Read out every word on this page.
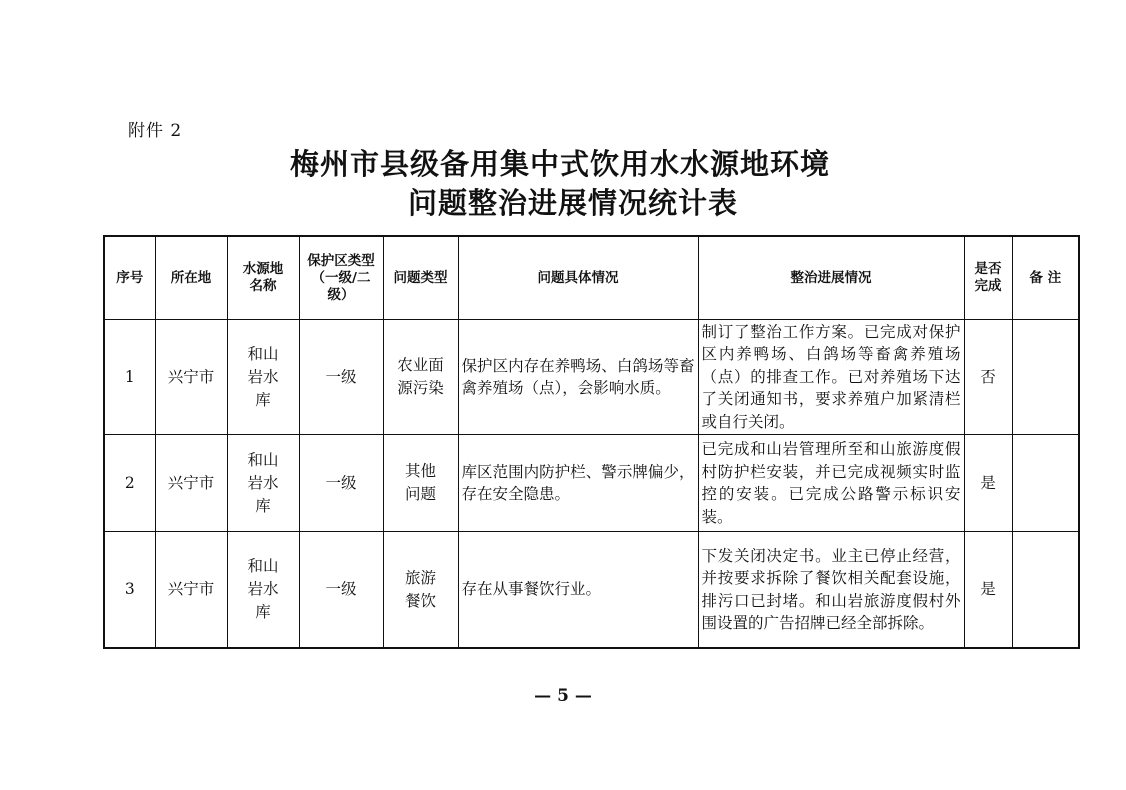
附件 2
梅州市县级备用集中式饮用水水源地环境
问题整治进展情况统计表
序号	所在地	水源地名称	保护区类型（一级/二级）	问题类型	问题具体情况	整治进展情况	是否完成	备 注
1	兴宁市	和山岩水库	一级	农业面源污染	保护区内存在养鸭场、白鸽场等畜禽养殖场（点），会影响水质。	制订了整治工作方案。已完成对保护区内养鸭场、白鸽场等畜禽养殖场（点）的排查工作。已对养殖场下达了关闭通知书，要求养殖户加紧清栏或自行关闭。	否	
2	兴宁市	和山岩水库	一级	其他问题	库区范围内防护栏、警示牌偏少，存在安全隐患。	已完成和山岩管理所至和山旅游度假村防护栏安装，并已完成视频实时监控的安装。已完成公路警示标识安装。	是	
3	兴宁市	和山岩水库	一级	旅游餐饮	存在从事餐饮行业。	下发关闭决定书。业主已停止经营，并按要求拆除了餐饮相关配套设施，排污口已封堵。和山岩旅游度假村外围设置的广告招牌已经全部拆除。	是	
— 5 —
